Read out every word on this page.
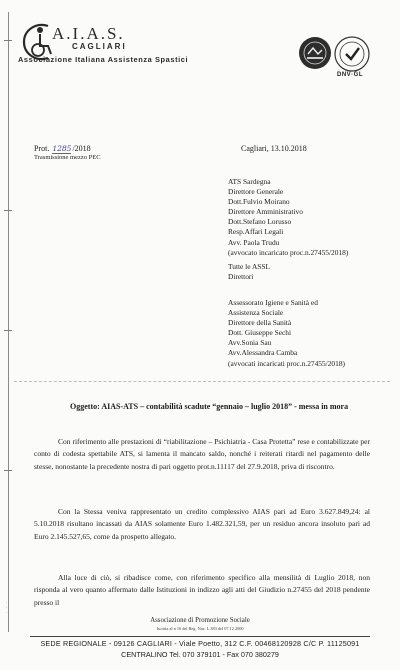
A.I.A.S.
CAGLIARI
Associazione Italiana Assistenza Spastici
DNV·GL
Prot. 1285/2018
Trasmissione mezzo PEC
Cagliari, 13.10.2018
ATS Sardegna
Direttore Generale
Dott.Fulvio Moirano
Direttore Amministrativo
Dott.Stefano Lorusso
Resp.Affari Legali
Avv. Paola Trudu
(avvocato incaricato proc.n.27455/2018)
Tutte le ASSL
Direttori
Assessorato Igiene e Sanità ed
Assistenza Sociale
Direttore della Sanità
Dott. Giuseppe Sechi
Avv.Sonia Sau
Avv.Alessandra Camba
(avvocati incaricati proc.n.27455/2018)
Oggetto: AIAS-ATS – contabilità scadute “gennaio – luglio 2018” - messa in mora
Con riferimento alle prestazioni di “riabilitazione – Psichiatria - Casa Protetta” rese e contabilizzate per conto di codesta spettabile ATS, si lamenta il mancato saldo, nonché i reiterati ritardi nel pagamento delle stesse, nonostante la precedente nostra di pari oggetto prot.n.11117 del 27.9.2018, priva di riscontro.
Con la Stessa veniva rappresentato un credito complessivo AIAS pari ad Euro 3.627.849,24: al 5.10.2018 risultano incassati da AIAS solamente Euro 1.482.321,59, per un residuo ancora insoluto pari ad Euro 2.145.527,65, come da prospetto allegato.
Alla luce di ciò, si ribadisce come, con riferimento specifico alla mensilità di Luglio 2018, non risponda al vero quanto affermato dalle Istituzioni in indizzo agli atti del Giudizio n.27455 del 2018 pendente presso il
·
·
·
Associazione di Promozione Sociale
Iscritta al n 16 del Reg. Naz. L.383 del 07.12.2000
SEDE REGIONALE - 09126 CAGLIARI - Viale Poetto, 312 C.F. 00468120928 C/C P. 11125091
CENTRALINO Tel. 070 379101 - Fax 070 380279
